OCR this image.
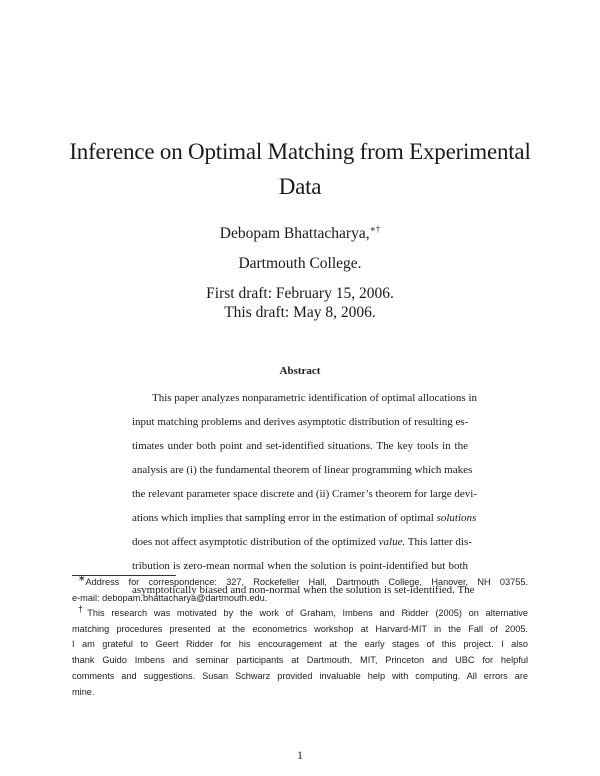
Inference on Optimal Matching from Experimental
Data
Debopam Bhattacharya,∗†
Dartmouth College.
First draft: February 15, 2006.
This draft: May 8, 2006.
Abstract
This paper analyzes nonparametric identification of optimal allocations in
input matching problems and derives asymptotic distribution of resulting es-
timates under both point and set-identified situations. The key tools in the
analysis are (i) the fundamental theorem of linear programming which makes
the relevant parameter space discrete and (ii) Cramer’s theorem for large devi-
ations which implies that sampling error in the estimation of optimal solutions
does not affect asymptotic distribution of the optimized value. This latter dis-
tribution is zero-mean normal when the solution is point-identified but both
asymptotically biased and non-normal when the solution is set-identified. The
∗Address for correspondence: 327, Rockefeller Hall, Dartmouth College, Hanover, NH 03755.
e-mail: debopam.bhattacharya@dartmouth.edu.
†This research was motivated by the work of Graham, Imbens and Ridder (2005) on alternative
matching procedures presented at the econometrics workshop at Harvard-MIT in the Fall of 2005.
I am grateful to Geert Ridder for his encouragement at the early stages of this project. I also
thank Guido Imbens and seminar participants at Dartmouth, MIT, Princeton and UBC for helpful
comments and suggestions. Susan Schwarz provided invaluable help with computing. All errors are
mine.
1
